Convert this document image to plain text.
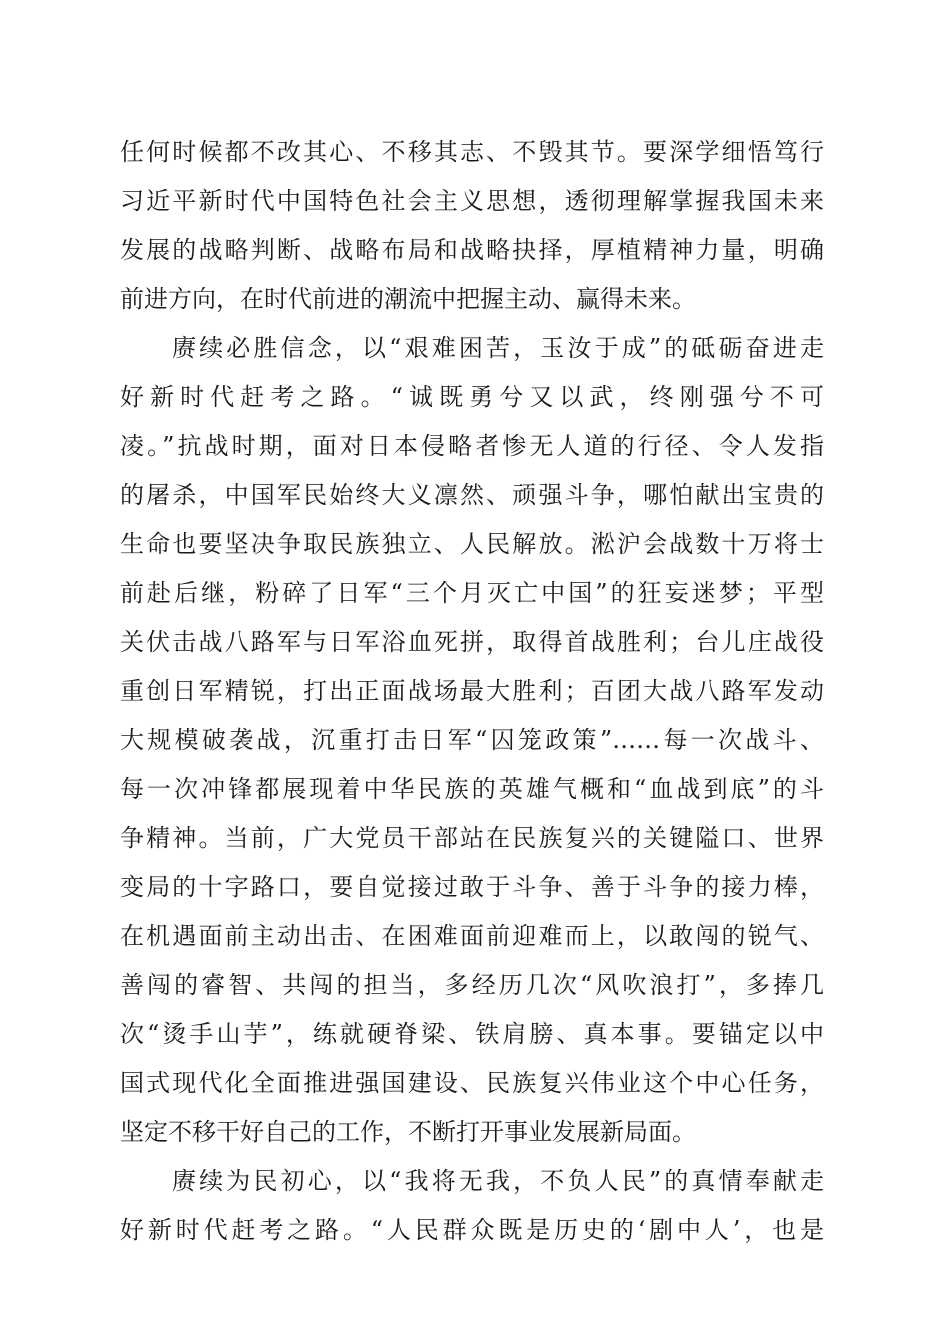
任何时候都不改其心、不移其志、不毁其节。要深学细悟笃行
习近平新时代中国特色社会主义思想，透彻理解掌握我国未来
发展的战略判断、战略布局和战略抉择，厚植精神力量，明确
前进方向，在时代前进的潮流中把握主动、赢得未来。
赓续必胜信念，以“艰难困苦，玉汝于成”的砥砺奋进走
好新时代赶考之路。“诚既勇兮又以武，终刚强兮不可
凌。”抗战时期，面对日本侵略者惨无人道的行径、令人发指
的屠杀，中国军民始终大义凛然、顽强斗争，哪怕献出宝贵的
生命也要坚决争取民族独立、人民解放。淞沪会战数十万将士
前赴后继，粉碎了日军“三个月灭亡中国”的狂妄迷梦；平型
关伏击战八路军与日军浴血死拼，取得首战胜利；台儿庄战役
重创日军精锐，打出正面战场最大胜利；百团大战八路军发动
大规模破袭战，沉重打击日军“囚笼政策”……每一次战斗、
每一次冲锋都展现着中华民族的英雄气概和“血战到底”的斗
争精神。当前，广大党员干部站在民族复兴的关键隘口、世界
变局的十字路口，要自觉接过敢于斗争、善于斗争的接力棒，
在机遇面前主动出击、在困难面前迎难而上，以敢闯的锐气、
善闯的睿智、共闯的担当，多经历几次“风吹浪打”，多捧几
次“烫手山芋”，练就硬脊梁、铁肩膀、真本事。要锚定以中
国式现代化全面推进强国建设、民族复兴伟业这个中心任务，
坚定不移干好自己的工作，不断打开事业发展新局面。
赓续为民初心，以“我将无我，不负人民”的真情奉献走
好新时代赶考之路。“人民群众既是历史的‘剧中人’，也是
